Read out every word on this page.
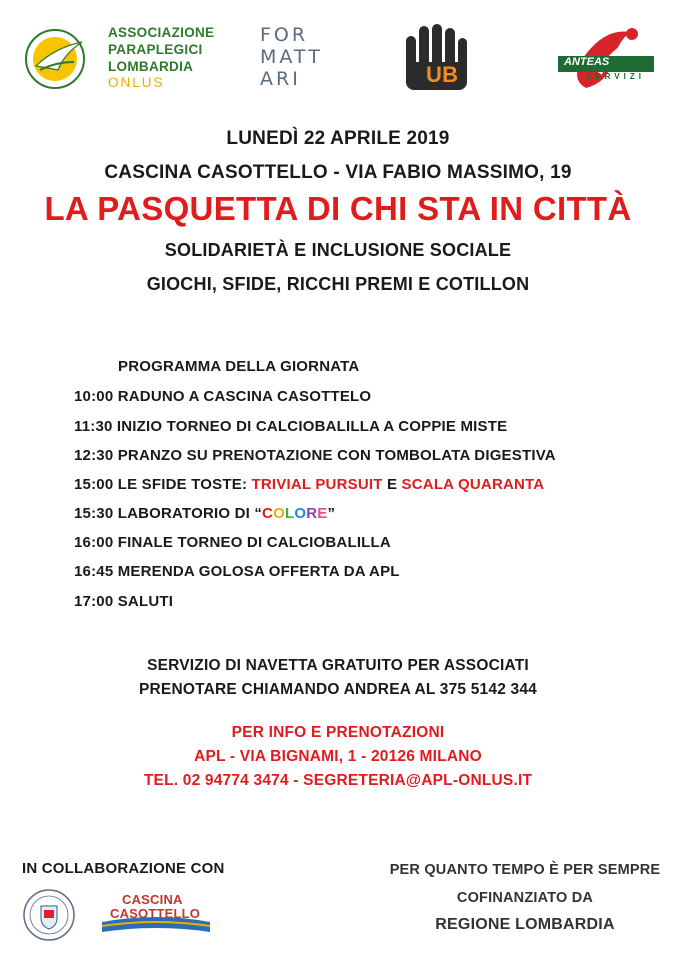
ASSOCIAZIONE
PARAPLEGICI
LOMBARDIA
ONLUS
FOR
MATT
ARI	UB	ANTEAS
SERVIZI
LUNEDÌ 22 APRILE 2019
CASCINA CASOTTELLO - VIA FABIO MASSIMO, 19
LA PASQUETTA DI CHI STA IN CITTÀ
SOLIDARIETÀ E INCLUSIONE SOCIALE
GIOCHI, SFIDE, RICCHI PREMI E COTILLON
PROGRAMMA DELLA GIORNATA
10:00 RADUNO A CASCINA CASOTTELO
11:30 INIZIO TORNEO DI CALCIOBALILLA A COPPIE MISTE
12:30 PRANZO SU PRENOTAZIONE CON TOMBOLATA DIGESTIVA
15:00 LE SFIDE TOSTE: TRIVIAL PURSUIT E SCALA QUARANTA
15:30 LABORATORIO DI “COLORE”
16:00 FINALE TORNEO DI CALCIOBALILLA
16:45 MERENDA GOLOSA OFFERTA DA APL
17:00 SALUTI
SERVIZIO DI NAVETTA GRATUITO PER ASSOCIATI
PRENOTARE CHIAMANDO ANDREA AL 375 5142 344
PER INFO E PRENOTAZIONI
APL - VIA BIGNAMI, 1 - 20126 MILANO
TEL. 02 94774 3474 - SEGRETERIA@APL-ONLUS.IT
IN COLLABORAZIONE CON
CASCINA
CASOTTELLO
PER QUANTO TEMPO È PER SEMPRE
COFINANZIATO DA
REGIONE LOMBARDIA
